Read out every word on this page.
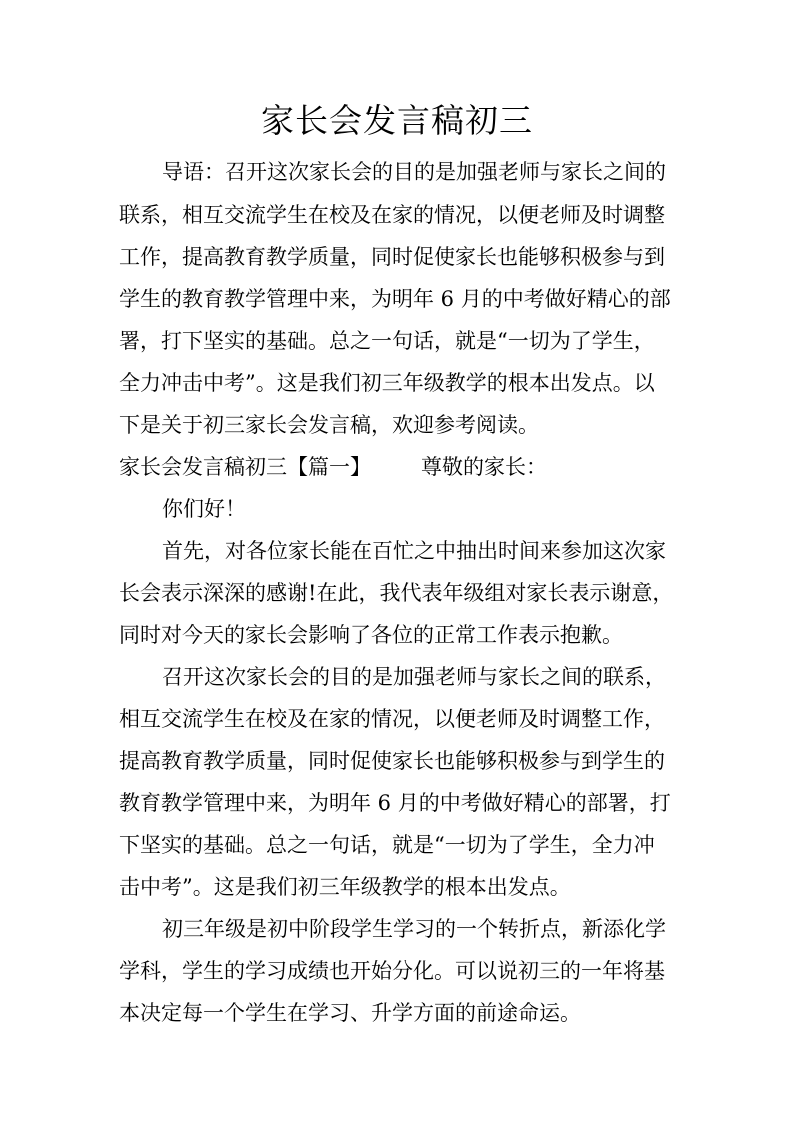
家长会发言稿初三
导语：召开这次家长会的目的是加强老师与家长之间的
联系，相互交流学生在校及在家的情况，以便老师及时调整
工作，提高教育教学质量，同时促使家长也能够积极参与到
学生的教育教学管理中来，为明年 6 月的中考做好精心的部
署，打下坚实的基础。总之一句话，就是“一切为了学生，
全力冲击中考”。这是我们初三年级教学的根本出发点。以
下是关于初三家长会发言稿，欢迎参考阅读。
家长会发言稿初三【篇一】 尊敬的家长：
你们好！
首先，对各位家长能在百忙之中抽出时间来参加这次家
长会表示深深的感谢!在此，我代表年级组对家长表示谢意，
同时对今天的家长会影响了各位的正常工作表示抱歉。
召开这次家长会的目的是加强老师与家长之间的联系，
相互交流学生在校及在家的情况，以便老师及时调整工作，
提高教育教学质量，同时促使家长也能够积极参与到学生的
教育教学管理中来，为明年 6 月的中考做好精心的部署，打
下坚实的基础。总之一句话，就是“一切为了学生，全力冲
击中考”。这是我们初三年级教学的根本出发点。
初三年级是初中阶段学生学习的一个转折点，新添化学
学科，学生的学习成绩也开始分化。可以说初三的一年将基
本决定每一个学生在学习、升学方面的前途命运。
